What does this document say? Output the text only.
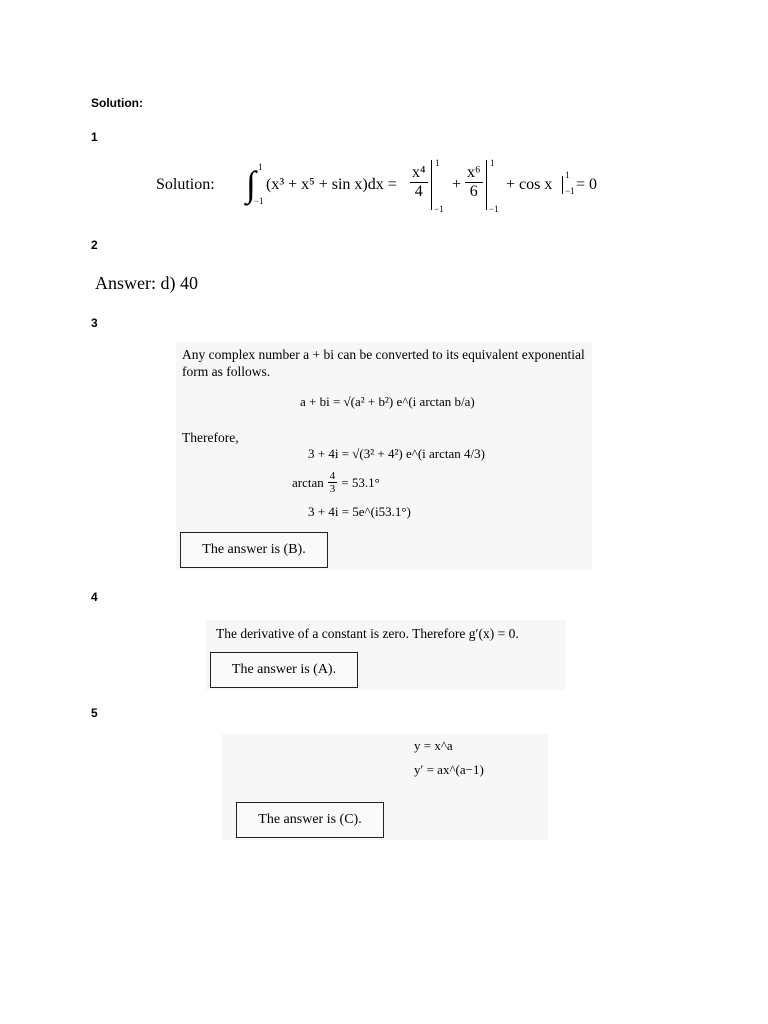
Solution:
1
Solution: ∫ 1
−1
$(x^3 + x^5 + \sin x)dx = \frac{\text{x⁴}}{4}$
1
−1
+ $\frac{\text{x⁶}}{6}$
1
−1
+ cos x
1
−1 = 0
2
Answer: d) 40
3
Any complex number a + bi can be converted to its equivalent exponential form as follows.
a + bi = √(a² + b²) e^(i arctan b/a)
Therefore,
3 + 4i = √(3² + 4²) e^(i arctan 4/3)
$\arctan \frac{4}{3} = 53.1^\circ$
3 + 4i = 5e^(i53.1°)
The answer is (B).
4
The derivative of a constant is zero. Therefore g′(x) = 0.
The answer is (A).
5
y = x^a
y′ = ax^(a−1)
The answer is (C).
